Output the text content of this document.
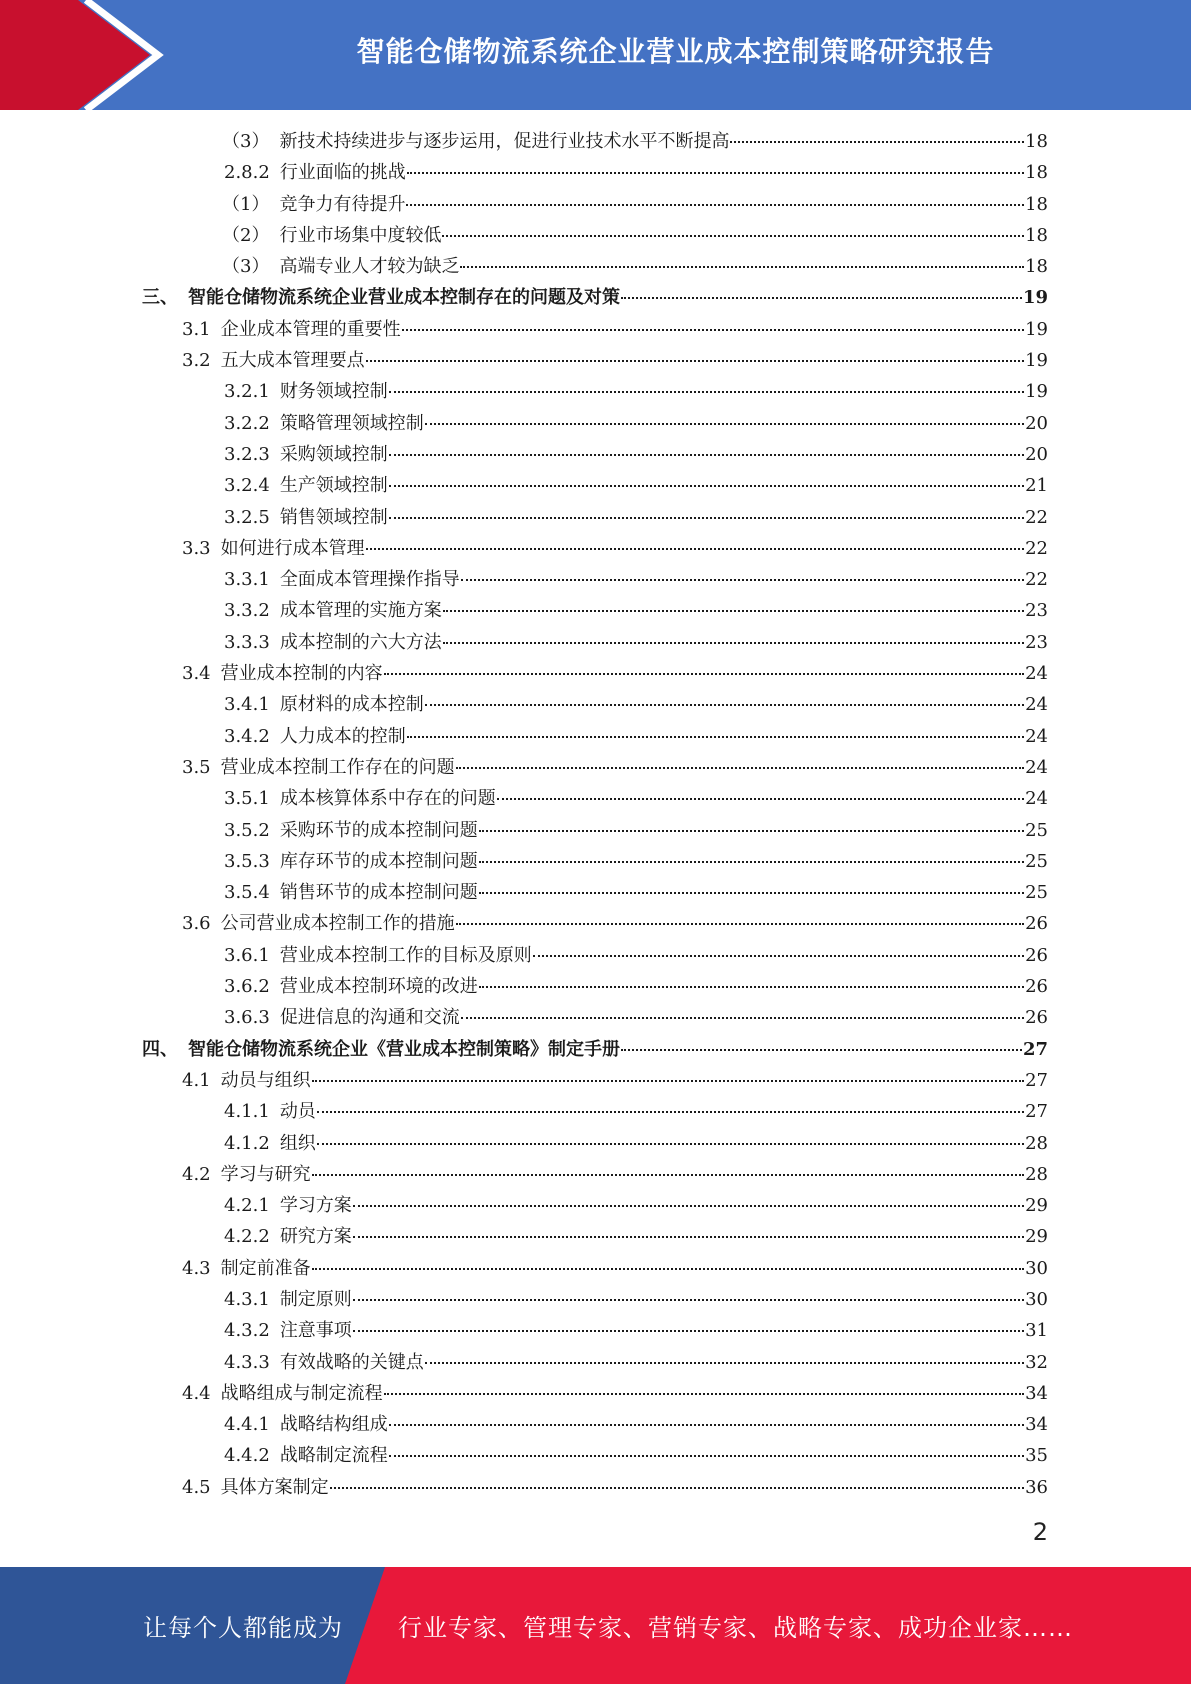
智能仓储物流系统企业营业成本控制策略研究报告
（3） 新技术持续进步与逐步运用，促进行业技术水平不断提高	18
2.8.2 行业面临的挑战	18
（1） 竞争力有待提升	18
（2） 行业市场集中度较低	18
（3） 高端专业人才较为缺乏	18
三、 智能仓储物流系统企业营业成本控制存在的问题及对策	19
3.1 企业成本管理的重要性	19
3.2 五大成本管理要点	19
3.2.1 财务领域控制	19
3.2.2 策略管理领域控制	20
3.2.3 采购领域控制	20
3.2.4 生产领域控制	21
3.2.5 销售领域控制	22
3.3 如何进行成本管理	22
3.3.1 全面成本管理操作指导	22
3.3.2 成本管理的实施方案	23
3.3.3 成本控制的六大方法	23
3.4 营业成本控制的内容	24
3.4.1 原材料的成本控制	24
3.4.2 人力成本的控制	24
3.5 营业成本控制工作存在的问题	24
3.5.1 成本核算体系中存在的问题	24
3.5.2 采购环节的成本控制问题	25
3.5.3 库存环节的成本控制问题	25
3.5.4 销售环节的成本控制问题	25
3.6 公司营业成本控制工作的措施	26
3.6.1 营业成本控制工作的目标及原则	26
3.6.2 营业成本控制环境的改进	26
3.6.3 促进信息的沟通和交流	26
四、 智能仓储物流系统企业《营业成本控制策略》制定手册	27
4.1 动员与组织	27
4.1.1 动员	27
4.1.2 组织	28
4.2 学习与研究	28
4.2.1 学习方案	29
4.2.2 研究方案	29
4.3 制定前准备	30
4.3.1 制定原则	30
4.3.2 注意事项	31
4.3.3 有效战略的关键点	32
4.4 战略组成与制定流程	34
4.4.1 战略结构组成	34
4.4.2 战略制定流程	35
4.5 具体方案制定	36
2
让每个人都能成为 行业专家、管理专家、营销专家、战略专家、成功企业家……
